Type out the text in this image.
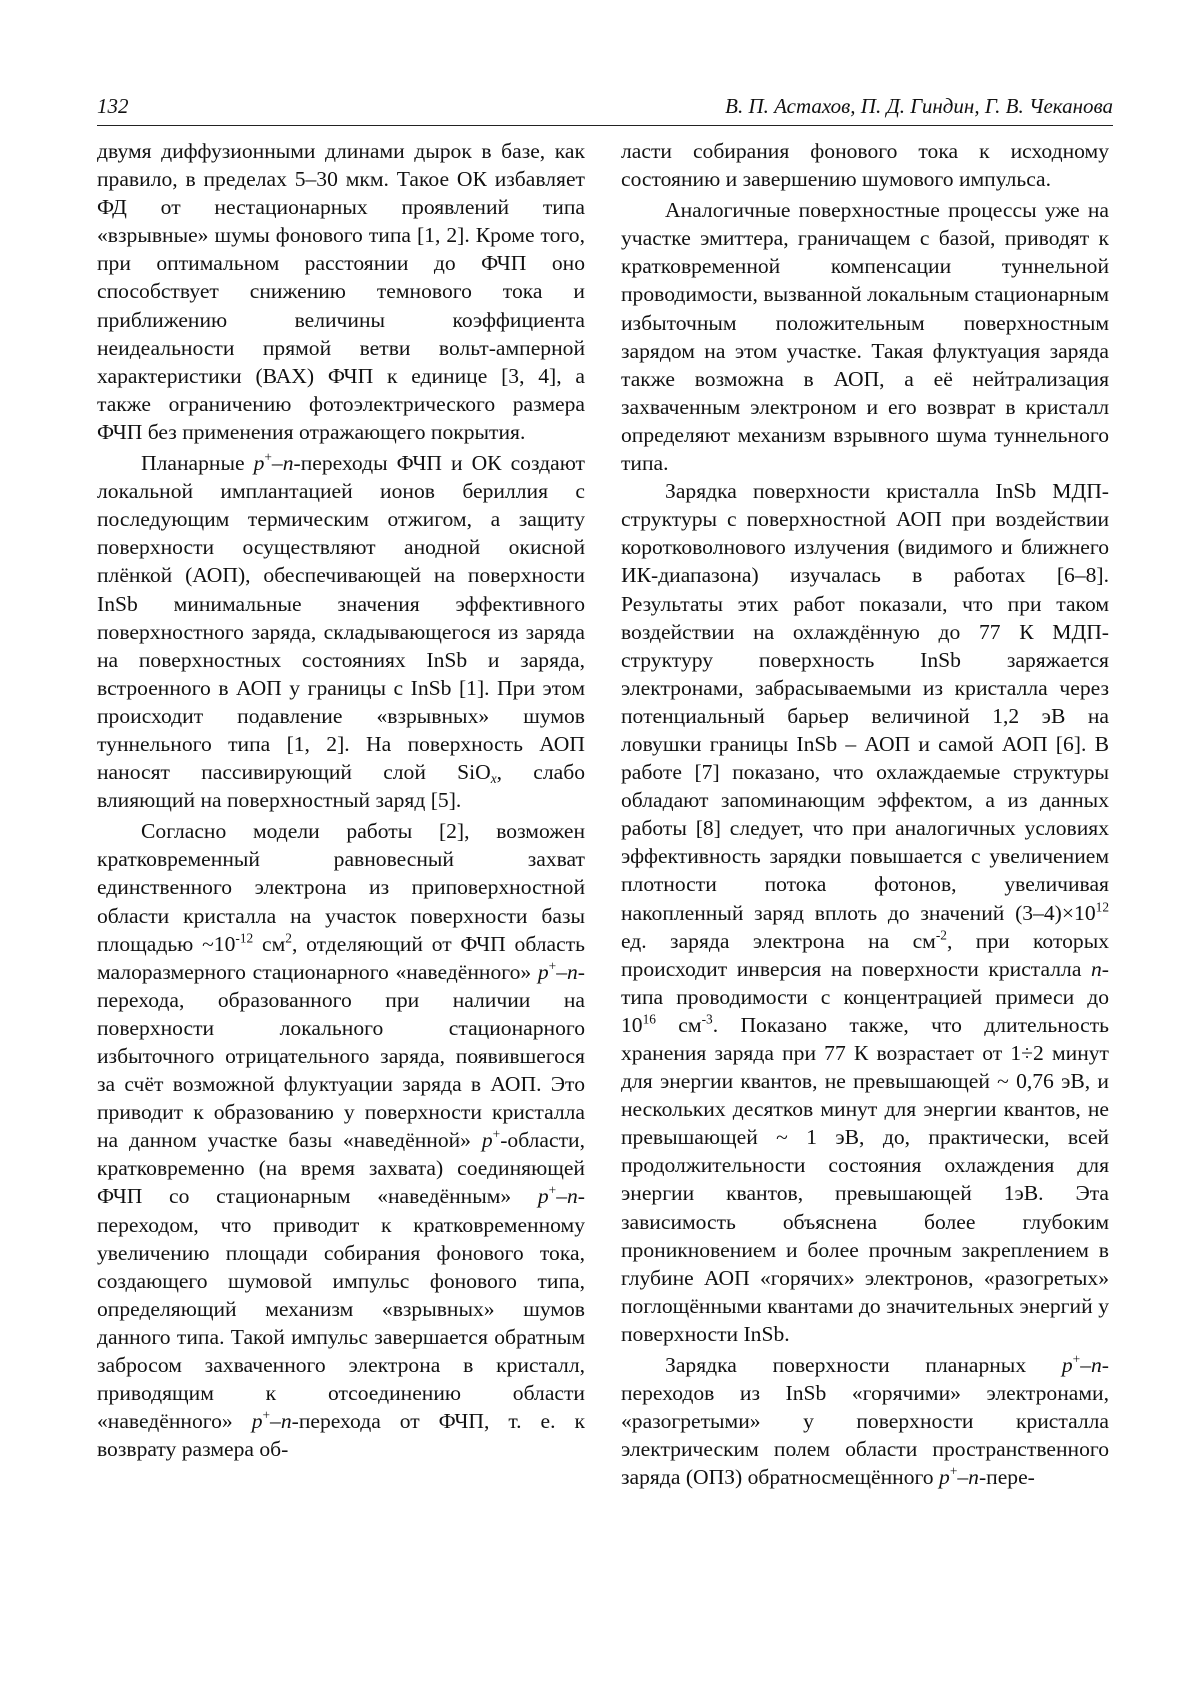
132	В. П. Астахов, П. Д. Гиндин, Г. В. Чеканова

двумя диффузионными длинами дырок в базе, как правило, в пределах 5–30 мкм. Такое ОК избавляет ФД от нестационарных проявлений типа «взрывные» шумы фонового типа [1, 2]. Кроме того, при оптимальном расстоянии до ФЧП оно способствует снижению темнового тока и приближению величины коэффициента неидеальности прямой ветви вольт-амперной характеристики (ВАХ) ФЧП к единице [3, 4], а также ограничению фотоэлектрического размера ФЧП без применения отражающего покрытия.

Планарные p+–n-переходы ФЧП и ОК создают локальной имплантацией ионов бериллия с последующим термическим отжигом, а защиту поверхности осуществляют анодной окисной плёнкой (АОП), обеспечивающей на поверхности InSb минимальные значения эффективного поверхностного заряда, складывающегося из заряда на поверхностных состояниях InSb и заряда, встроенного в АОП у границы с InSb [1]. При этом происходит подавление «взрывных» шумов туннельного типа [1, 2]. На поверхность АОП наносят пассивирующий слой SiOx, слабо влияющий на поверхностный заряд [5].

Согласно модели работы [2], возможен кратковременный равновесный захват единственного электрона из приповерхностной области кристалла на участок поверхности базы площадью ~10-12 см2, отделяющий от ФЧП область малоразмерного стационарного «наведённого» p+–n-перехода, образованного при наличии на поверхности локального стационарного избыточного отрицательного заряда, появившегося за счёт возможной флуктуации заряда в АОП. Это приводит к образованию у поверхности кристалла на данном участке базы «наведённой» p+-области, кратковременно (на время захвата) соединяющей ФЧП со стационарным «наведённым» p+–n-переходом, что приводит к кратковременному увеличению площади собирания фонового тока, создающего шумовой импульс фонового типа, определяющий механизм «взрывных» шумов данного типа. Такой импульс завершается обратным забросом захваченного электрона в кристалл, приводящим к отсоединению области «наведённого» p+–n-перехода от ФЧП, т. е. к возврату размера об-

ласти собирания фонового тока к исходному состоянию и завершению шумового импульса.

Аналогичные поверхностные процессы уже на участке эмиттера, граничащем с базой, приводят к кратковременной компенсации туннельной проводимости, вызванной локальным стационарным избыточным положительным поверхностным зарядом на этом участке. Такая флуктуация заряда также возможна в АОП, а её нейтрализация захваченным электроном и его возврат в кристалл определяют механизм взрывного шума туннельного типа.

Зарядка поверхности кристалла InSb МДП-структуры с поверхностной АОП при воздействии коротковолнового излучения (видимого и ближнего ИК-диапазона) изучалась в работах [6–8]. Результаты этих работ показали, что при таком воздействии на охлаждённую до 77 К МДП-структуру поверхность InSb заряжается электронами, забрасываемыми из кристалла через потенциальный барьер величиной 1,2 эВ на ловушки границы InSb – АОП и самой АОП [6]. В работе [7] показано, что охлаждаемые структуры обладают запоминающим эффектом, а из данных работы [8] следует, что при аналогичных условиях эффективность зарядки повышается с увеличением плотности потока фотонов, увеличивая накопленный заряд вплоть до значений (3–4)×1012 ед. заряда электрона на см-2, при которых происходит инверсия на поверхности кристалла n-типа проводимости с концентрацией примеси до 1016 см-3. Показано также, что длительность хранения заряда при 77 К возрастает от 1÷2 минут для энергии квантов, не превышающей ~ 0,76 эВ, и нескольких десятков минут для энергии квантов, не превышающей ~ 1 эВ, до, практически, всей продолжительности состояния охлаждения для энергии квантов, превышающей 1эВ. Эта зависимость объяснена более глубоким проникновением и более прочным закреплением в глубине АОП «горячих» электронов, «разогретых» поглощёнными квантами до значительных энергий у поверхности InSb.

Зарядка поверхности планарных p+–n-переходов из InSb «горячими» электронами, «разогретыми» у поверхности кристалла электрическим полем области пространственного заряда (ОПЗ) обратносмещённого p+–n-пере-
